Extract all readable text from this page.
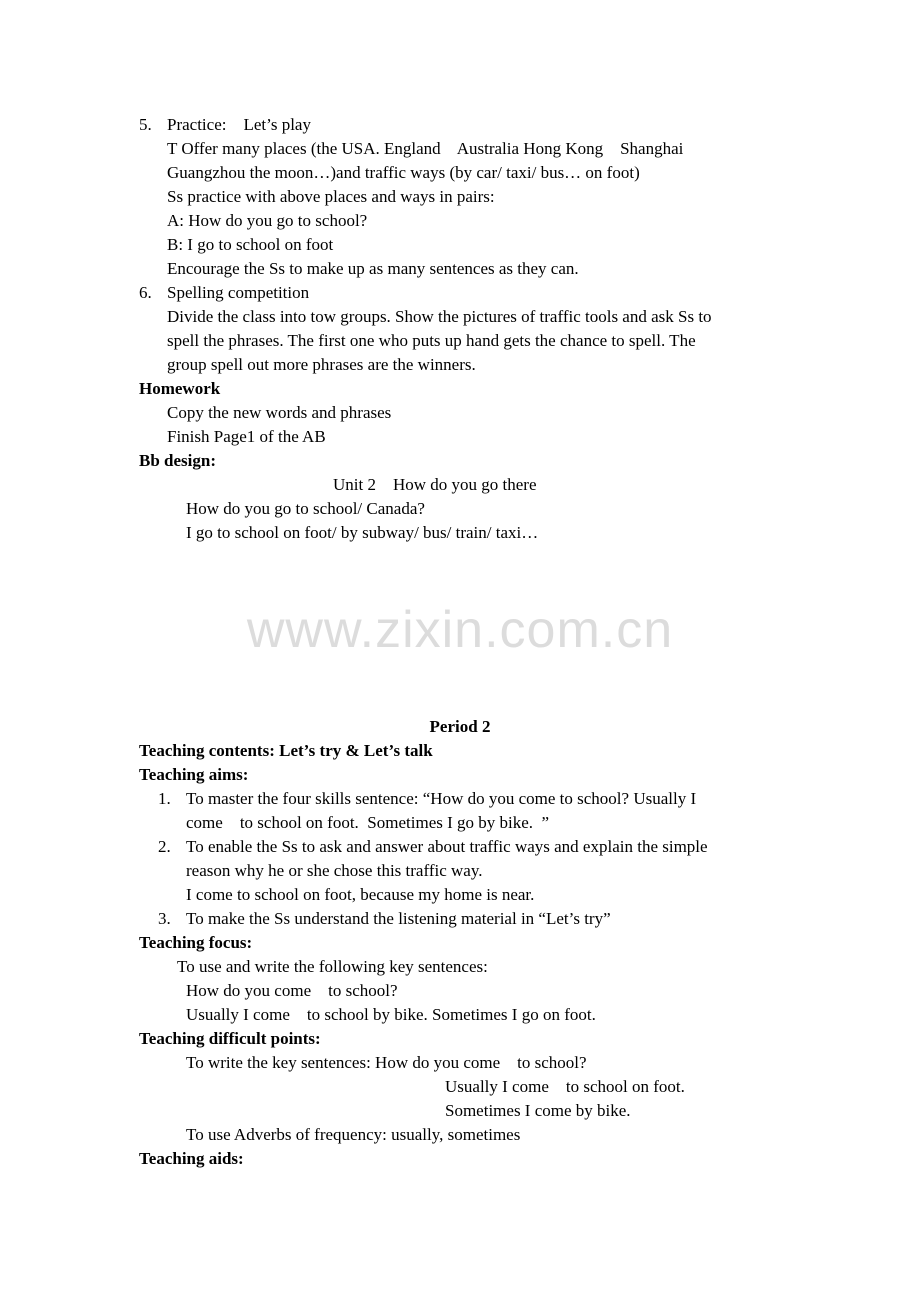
5. Practice:    Let’s play
T Offer many places (the USA. England    Australia Hong Kong    Shanghai
Guangzhou the moon…)and traffic ways (by car/ taxi/ bus… on foot)
Ss practice with above places and ways in pairs:
A: How do you go to school?
B: I go to school on foot
Encourage the Ss to make up as many sentences as they can.
6. Spelling competition
Divide the class into tow groups. Show the pictures of traffic tools and ask Ss to
spell the phrases. The first one who puts up hand gets the chance to spell. The
group spell out more phrases are the winners.
Homework
Copy the new words and phrases
Finish Page1 of the AB
Bb design:
Unit 2    How do you go there
How do you go to school/ Canada?
I go to school on foot/ by subway/ bus/ train/ taxi…
www.zixin.com.cn
Period 2
Teaching contents: Let’s try & Let’s talk
Teaching aims:
1. To master the four skills sentence: “How do you come to school? Usually I
come    to school on foot.  Sometimes I go by bike.  ”
2. To enable the Ss to ask and answer about traffic ways and explain the simple
reason why he or she chose this traffic way.
I come to school on foot, because my home is near.
3. To make the Ss understand the listening material in “Let’s try”
Teaching focus:
To use and write the following key sentences:
How do you come    to school?
Usually I come    to school by bike. Sometimes I go on foot.
Teaching difficult points:
To write the key sentences: How do you come    to school?
Usually I come    to school on foot.
Sometimes I come by bike.
To use Adverbs of frequency: usually, sometimes
Teaching aids:
